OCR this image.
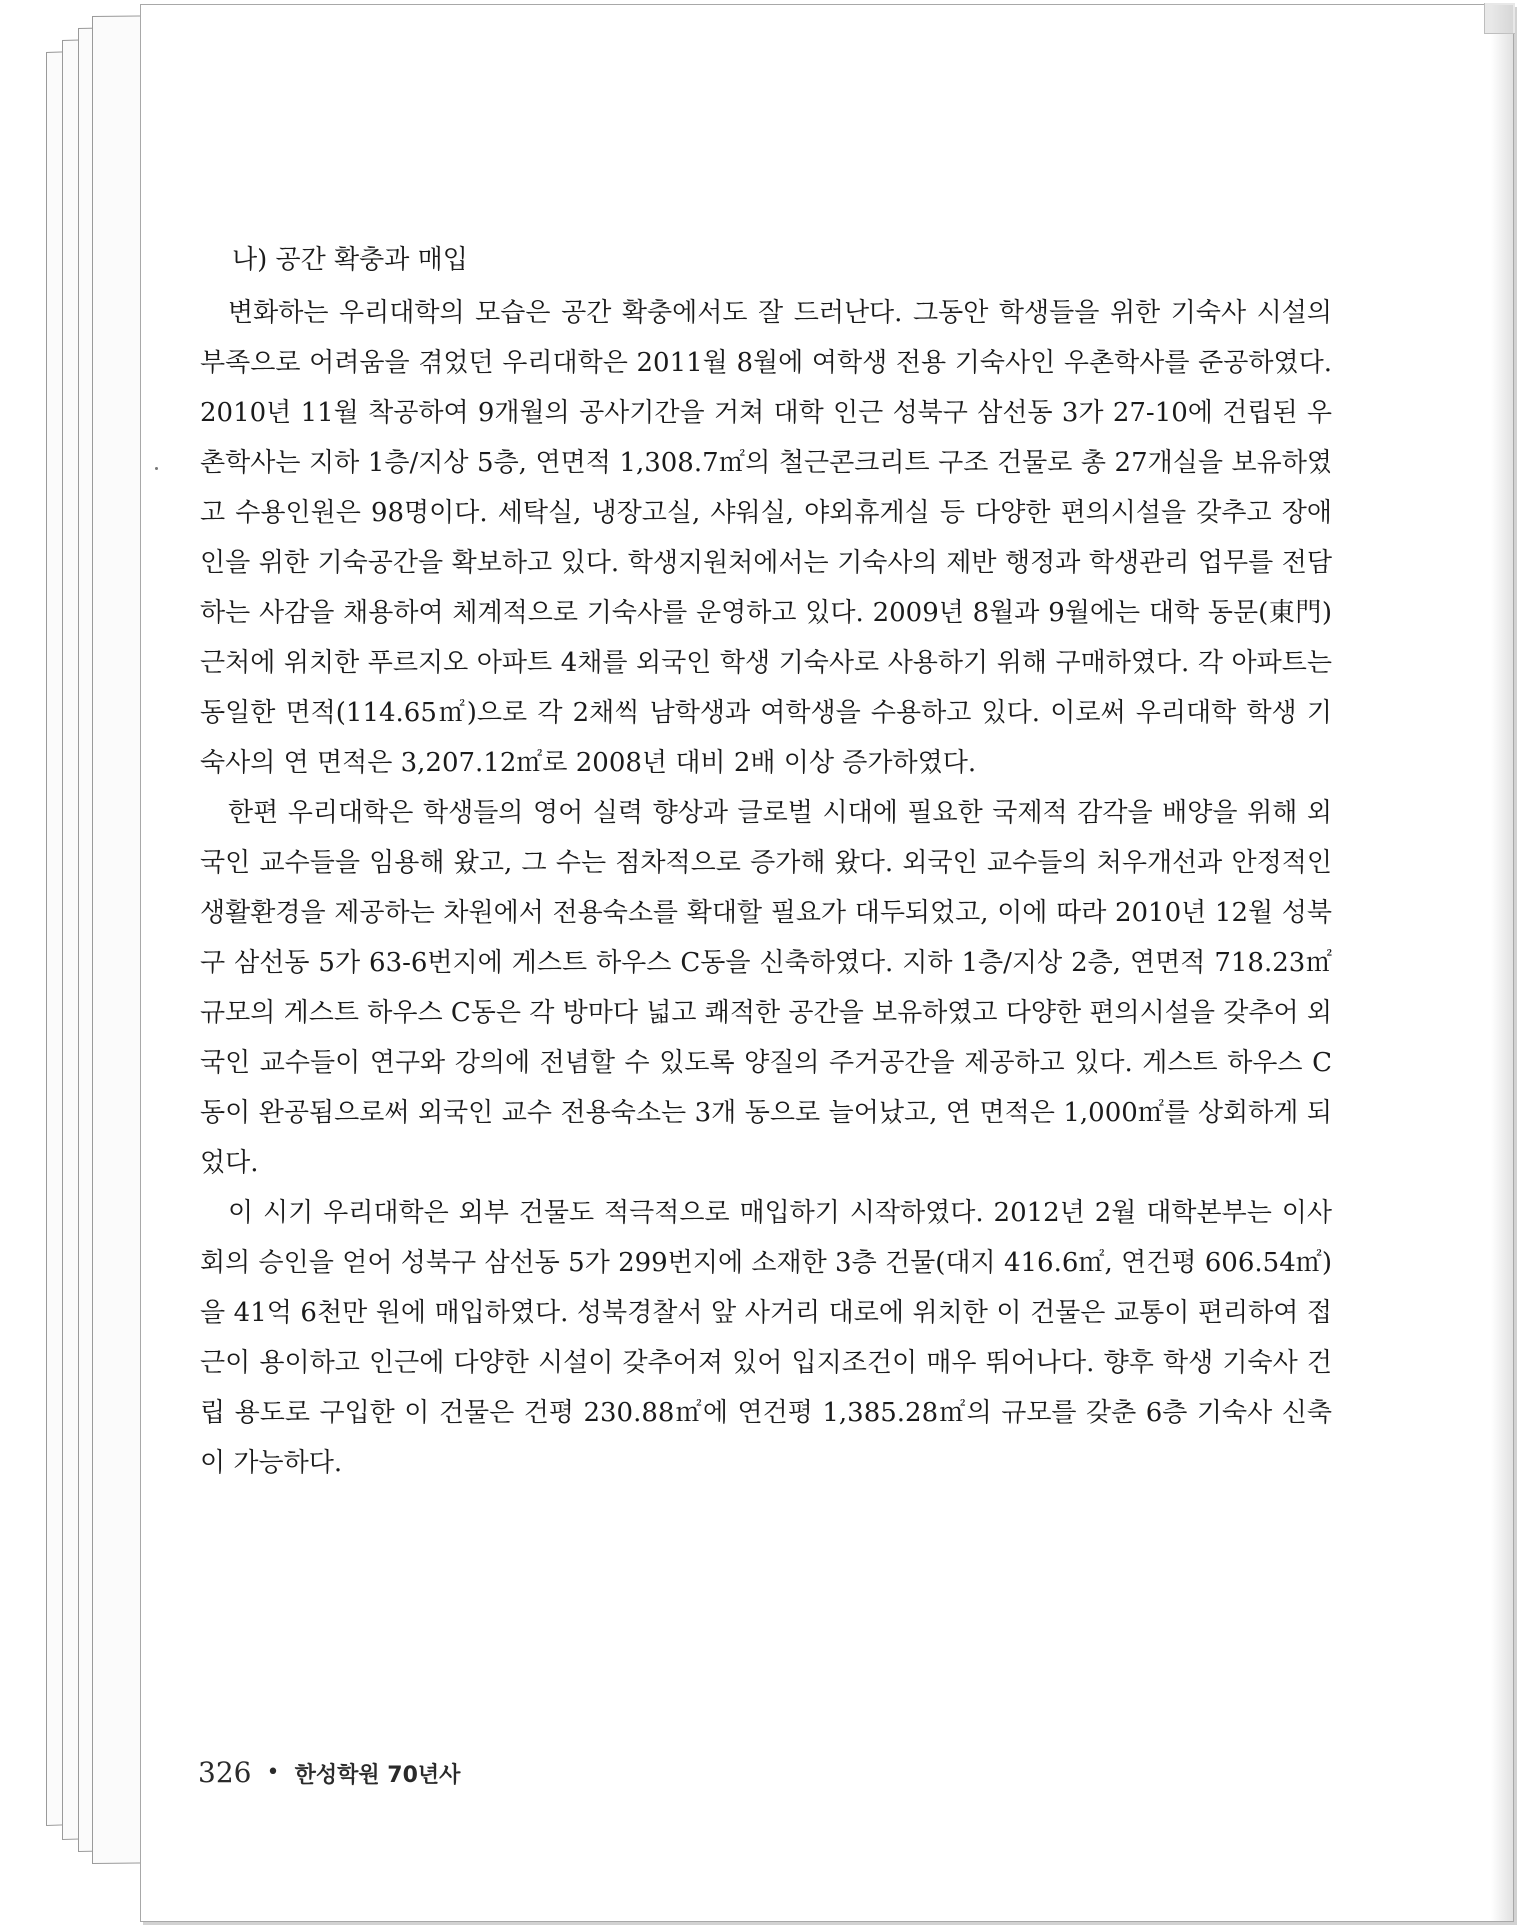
나) 공간 확충과 매입

변화하는 우리대학의 모습은 공간 확충에서도 잘 드러난다. 그동안 학생들을 위한 기숙사 시설의 부족으로 어려움을 겪었던 우리대학은 2011월 8월에 여학생 전용 기숙사인 우촌학사를 준공하였다. 2010년 11월 착공하여 9개월의 공사기간을 거쳐 대학 인근 성북구 삼선동 3가 27-10에 건립된 우촌학사는 지하 1층/지상 5층, 연면적 1,308.7㎡의 철근콘크리트 구조 건물로 총 27개실을 보유하였고 수용인원은 98명이다. 세탁실, 냉장고실, 샤워실, 야외휴게실 등 다양한 편의시설을 갖추고 장애인을 위한 기숙공간을 확보하고 있다. 학생지원처에서는 기숙사의 제반 행정과 학생관리 업무를 전담하는 사감을 채용하여 체계적으로 기숙사를 운영하고 있다. 2009년 8월과 9월에는 대학 동문(東門) 근처에 위치한 푸르지오 아파트 4채를 외국인 학생 기숙사로 사용하기 위해 구매하였다. 각 아파트는 동일한 면적(114.65㎡)으로 각 2채씩 남학생과 여학생을 수용하고 있다. 이로써 우리대학 학생 기숙사의 연 면적은 3,207.12㎡로 2008년 대비 2배 이상 증가하였다.

한편 우리대학은 학생들의 영어 실력 향상과 글로벌 시대에 필요한 국제적 감각을 배양을 위해 외국인 교수들을 임용해 왔고, 그 수는 점차적으로 증가해 왔다. 외국인 교수들의 처우개선과 안정적인 생활환경을 제공하는 차원에서 전용숙소를 확대할 필요가 대두되었고, 이에 따라 2010년 12월 성북구 삼선동 5가 63-6번지에 게스트 하우스 C동을 신축하였다. 지하 1층/지상 2층, 연면적 718.23㎡ 규모의 게스트 하우스 C동은 각 방마다 넓고 쾌적한 공간을 보유하였고 다양한 편의시설을 갖추어 외국인 교수들이 연구와 강의에 전념할 수 있도록 양질의 주거공간을 제공하고 있다. 게스트 하우스 C동이 완공됨으로써 외국인 교수 전용숙소는 3개 동으로 늘어났고, 연 면적은 1,000㎡를 상회하게 되었다.

이 시기 우리대학은 외부 건물도 적극적으로 매입하기 시작하였다. 2012년 2월 대학본부는 이사회의 승인을 얻어 성북구 삼선동 5가 299번지에 소재한 3층 건물(대지 416.6㎡, 연건평 606.54㎡)을 41억 6천만 원에 매입하였다. 성북경찰서 앞 사거리 대로에 위치한 이 건물은 교통이 편리하여 접근이 용이하고 인근에 다양한 시설이 갖추어져 있어 입지조건이 매우 뛰어나다. 향후 학생 기숙사 건립 용도로 구입한 이 건물은 건평 230.88㎡에 연건평 1,385.28㎡의 규모를 갖춘 6층 기숙사 신축이 가능하다.

326 • 한성학원 70년사
